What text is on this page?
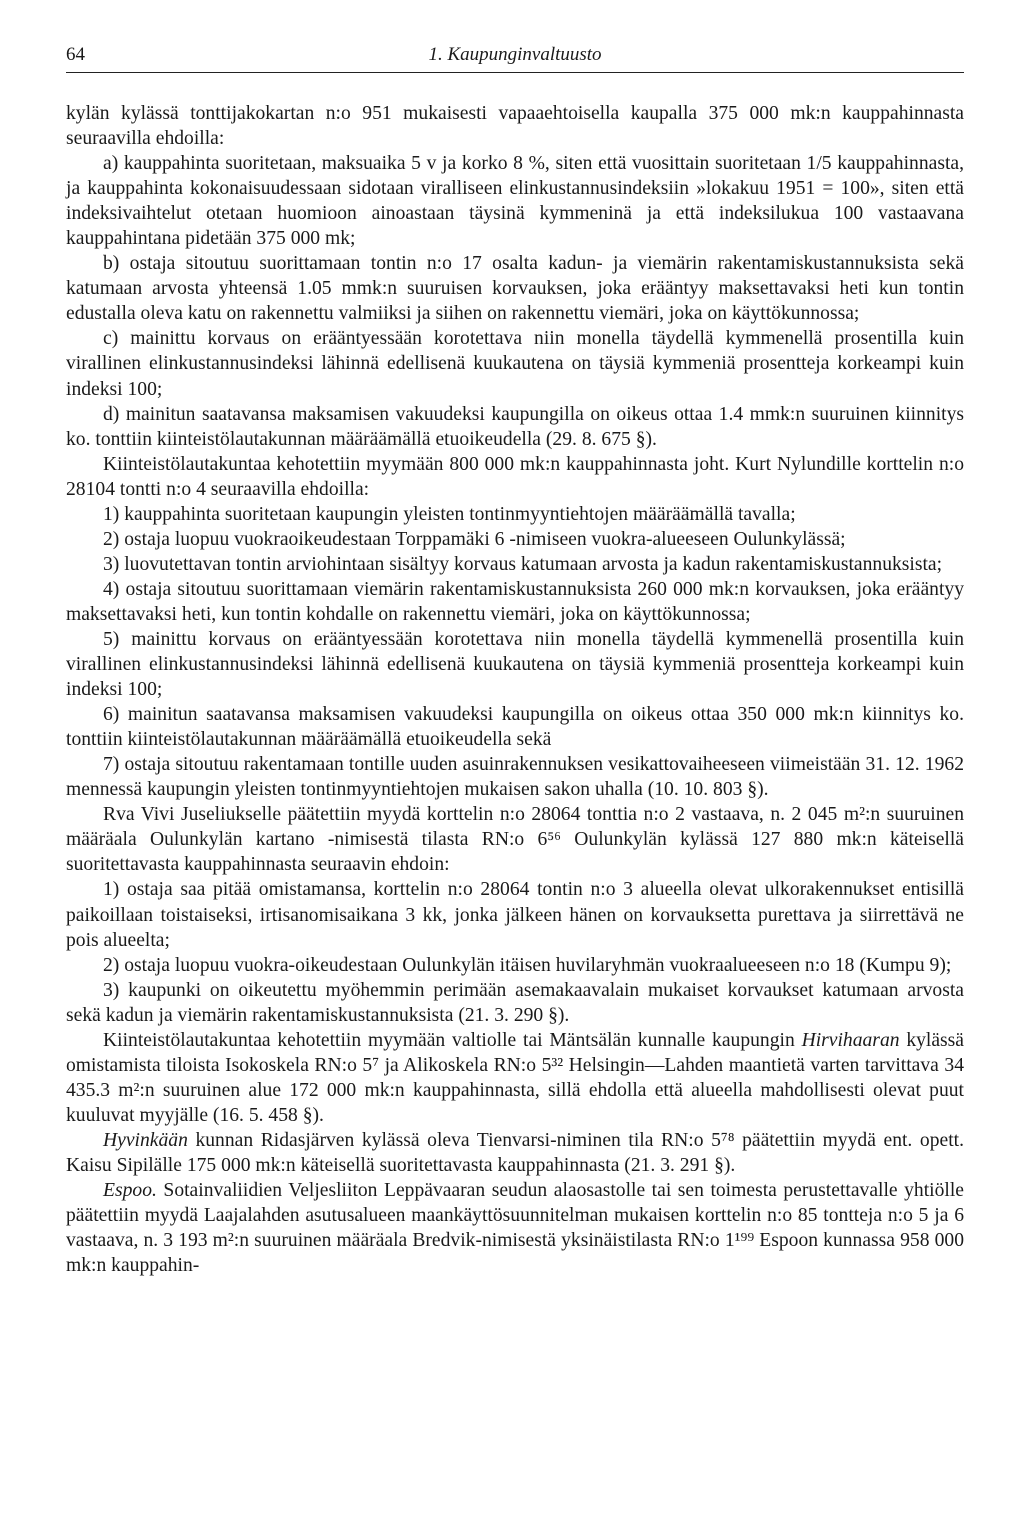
64	1. Kaupunginvaltuusto

kylän kylässä tonttijakokartan n:o 951 mukaisesti vapaaehtoisella kaupalla 375 000 mk:n kauppahinnasta seuraavilla ehdoilla:

a) kauppahinta suoritetaan, maksuaika 5 v ja korko 8 %, siten että vuosittain suoritetaan 1/5 kauppahinnasta, ja kauppahinta kokonaisuudessaan sidotaan viralliseen elinkustannusindeksiin »lokakuu 1951 = 100», siten että indeksivaihtelut otetaan huomioon ainoastaan täysinä kymmeninä ja että indeksilukua 100 vastaavana kauppahintana pidetään 375 000 mk;

b) ostaja sitoutuu suorittamaan tontin n:o 17 osalta kadun- ja viemärin rakentamiskustannuksista sekä katumaan arvosta yhteensä 1.05 mmk:n suuruisen korvauksen, joka erääntyy maksettavaksi heti kun tontin edustalla oleva katu on rakennettu valmiiksi ja siihen on rakennettu viemäri, joka on käyttökunnossa;

c) mainittu korvaus on erääntyessään korotettava niin monella täydellä kymmenellä prosentilla kuin virallinen elinkustannusindeksi lähinnä edellisenä kuukautena on täysiä kymmeniä prosentteja korkeampi kuin indeksi 100;

d) mainitun saatavansa maksamisen vakuudeksi kaupungilla on oikeus ottaa 1.4 mmk:n suuruinen kiinnitys ko. tonttiin kiinteistölautakunnan määräämällä etuoikeudella (29. 8. 675 §).

Kiinteistölautakuntaa kehotettiin myymään 800 000 mk:n kauppahinnasta joht. Kurt Nylundille korttelin n:o 28104 tontti n:o 4 seuraavilla ehdoilla:

1) kauppahinta suoritetaan kaupungin yleisten tontinmyyntiehtojen määräämällä tavalla;

2) ostaja luopuu vuokraoikeudestaan Torppamäki 6 -nimiseen vuokra-alueeseen Oulunkylässä;

3) luovutettavan tontin arviohintaan sisältyy korvaus katumaan arvosta ja kadun rakentamiskustannuksista;

4) ostaja sitoutuu suorittamaan viemärin rakentamiskustannuksista 260 000 mk:n korvauksen, joka erääntyy maksettavaksi heti, kun tontin kohdalle on rakennettu viemäri, joka on käyttökunnossa;

5) mainittu korvaus on erääntyessään korotettava niin monella täydellä kymmenellä prosentilla kuin virallinen elinkustannusindeksi lähinnä edellisenä kuukautena on täysiä kymmeniä prosentteja korkeampi kuin indeksi 100;

6) mainitun saatavansa maksamisen vakuudeksi kaupungilla on oikeus ottaa 350 000 mk:n kiinnitys ko. tonttiin kiinteistölautakunnan määräämällä etuoikeudella sekä

7) ostaja sitoutuu rakentamaan tontille uuden asuinrakennuksen vesikattovaiheeseen viimeistään 31. 12. 1962 mennessä kaupungin yleisten tontinmyyntiehtojen mukaisen sakon uhalla (10. 10. 803 §).

Rva Vivi Juseliukselle päätettiin myydä korttelin n:o 28064 tonttia n:o 2 vastaava, n. 2 045 m²:n suuruinen määräala Oulunkylän kartano -nimisestä tilasta RN:o 6⁵⁶ Oulunkylän kylässä 127 880 mk:n käteisellä suoritettavasta kauppahinnasta seuraavin ehdoin:

1) ostaja saa pitää omistamansa, korttelin n:o 28064 tontin n:o 3 alueella olevat ulkorakennukset entisillä paikoillaan toistaiseksi, irtisanomisaikana 3 kk, jonka jälkeen hänen on korvauksetta purettava ja siirrettävä ne pois alueelta;

2) ostaja luopuu vuokra-oikeudestaan Oulunkylän itäisen huvilaryhmän vuokraalueeseen n:o 18 (Kumpu 9);

3) kaupunki on oikeutettu myöhemmin perimään asemakaavalain mukaiset korvaukset katumaan arvosta sekä kadun ja viemärin rakentamiskustannuksista (21. 3. 290 §).

Kiinteistölautakuntaa kehotettiin myymään valtiolle tai Mäntsälän kunnalle kaupungin Hirvihaaran kylässä omistamista tiloista Isokoskela RN:o 5⁷ ja Alikoskela RN:o 5³² Helsingin—Lahden maantietä varten tarvittava 34 435.3 m²:n suuruinen alue 172 000 mk:n kauppahinnasta, sillä ehdolla että alueella mahdollisesti olevat puut kuuluvat myyjälle (16. 5. 458 §).

Hyvinkään kunnan Ridasjärven kylässä oleva Tienvarsi-niminen tila RN:o 5⁷⁸ päätettiin myydä ent. opett. Kaisu Sipilälle 175 000 mk:n käteisellä suoritettavasta kauppahinnasta (21. 3. 291 §).

Espoo. Sotainvaliidien Veljesliiton Leppävaaran seudun alaosastolle tai sen toimesta perustettavalle yhtiölle päätettiin myydä Laajalahden asutusalueen maankäyttösuunnitelman mukaisen korttelin n:o 85 tontteja n:o 5 ja 6 vastaava, n. 3 193 m²:n suuruinen määräala Bredvik-nimisestä yksinäistilasta RN:o 1¹⁹⁹ Espoon kunnassa 958 000 mk:n kauppahin-
